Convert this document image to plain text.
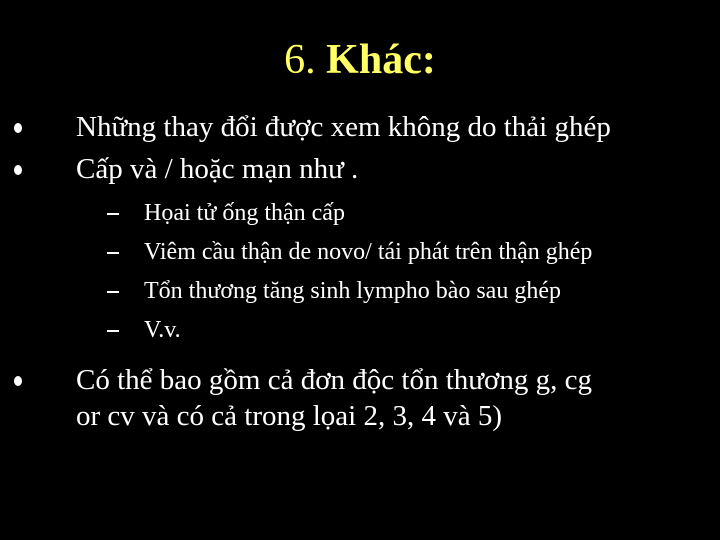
6. Khác:
Những thay đổi được xem không do thải ghép
Cấp và / hoặc mạn như .
Họai tử ống thận cấp
Viêm cầu thận de novo/ tái phát trên thận ghép
Tổn thương tăng sinh lympho bào sau ghép
V.v.
Có thể bao gồm cả đơn độc tổn thương g, cg
or cv và có cả trong lọai 2, 3, 4 và 5)
